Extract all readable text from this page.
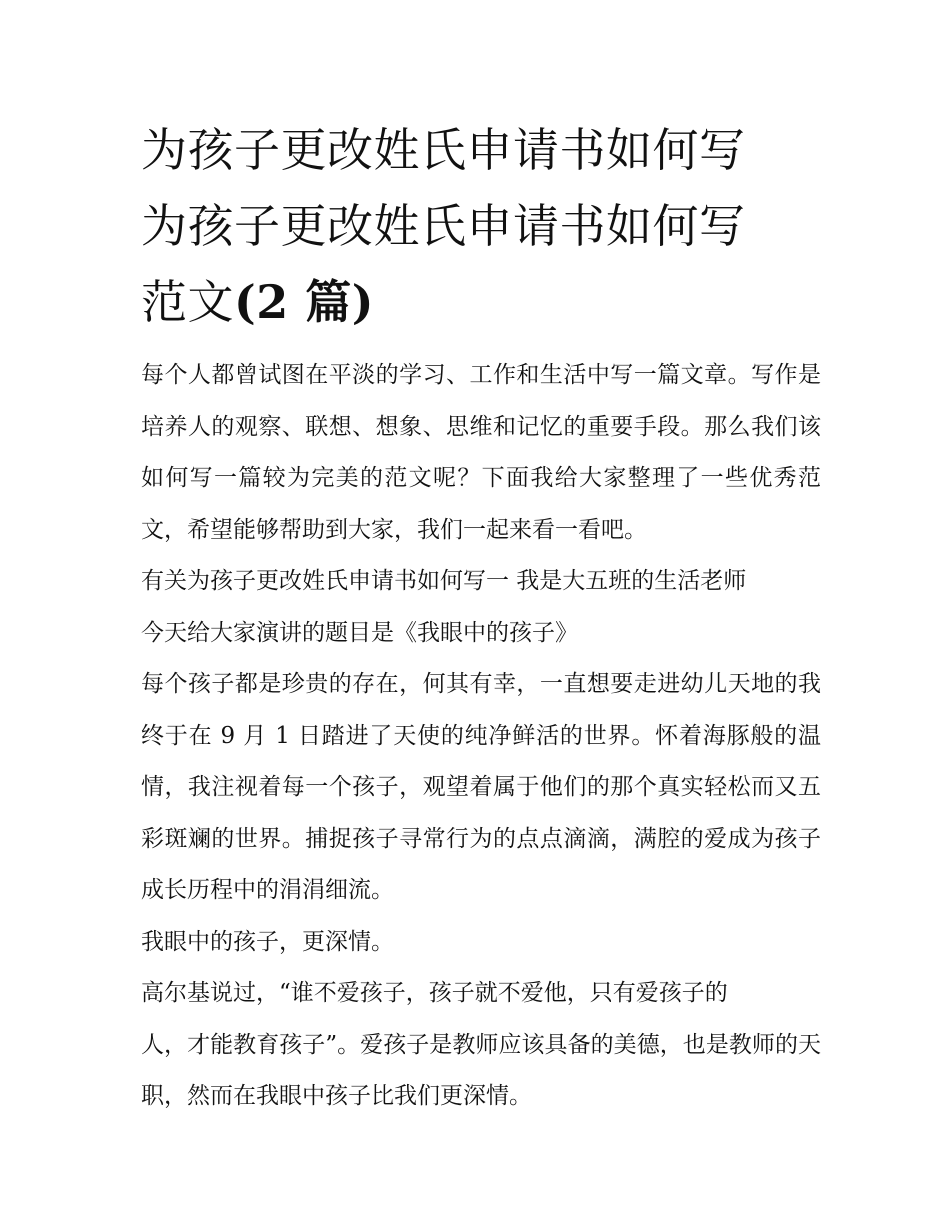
为孩子更改姓氏申请书如何写
为孩子更改姓氏申请书如何写
范文(2 篇)

每个人都曾试图在平淡的学习、工作和生活中写一篇文章。写作是培养人的观察、联想、想象、思维和记忆的重要手段。那么我们该如何写一篇较为完美的范文呢？下面我给大家整理了一些优秀范文，希望能够帮助到大家，我们一起来看一看吧。

有关为孩子更改姓氏申请书如何写一 我是大五班的生活老师

今天给大家演讲的题目是《我眼中的孩子》

每个孩子都是珍贵的存在，何其有幸，一直想要走进幼儿天地的我终于在 9 月 1 日踏进了天使的纯净鲜活的世界。怀着海豚般的温情，我注视着每一个孩子，观望着属于他们的那个真实轻松而又五彩斑斓的世界。捕捉孩子寻常行为的点点滴滴，满腔的爱成为孩子成长历程中的涓涓细流。

我眼中的孩子，更深情。

高尔基说过，“谁不爱孩子，孩子就不爱他，只有爱孩子的

人，才能教育孩子”。爱孩子是教师应该具备的美德，也是教师的天职，然而在我眼中孩子比我们更深情。
